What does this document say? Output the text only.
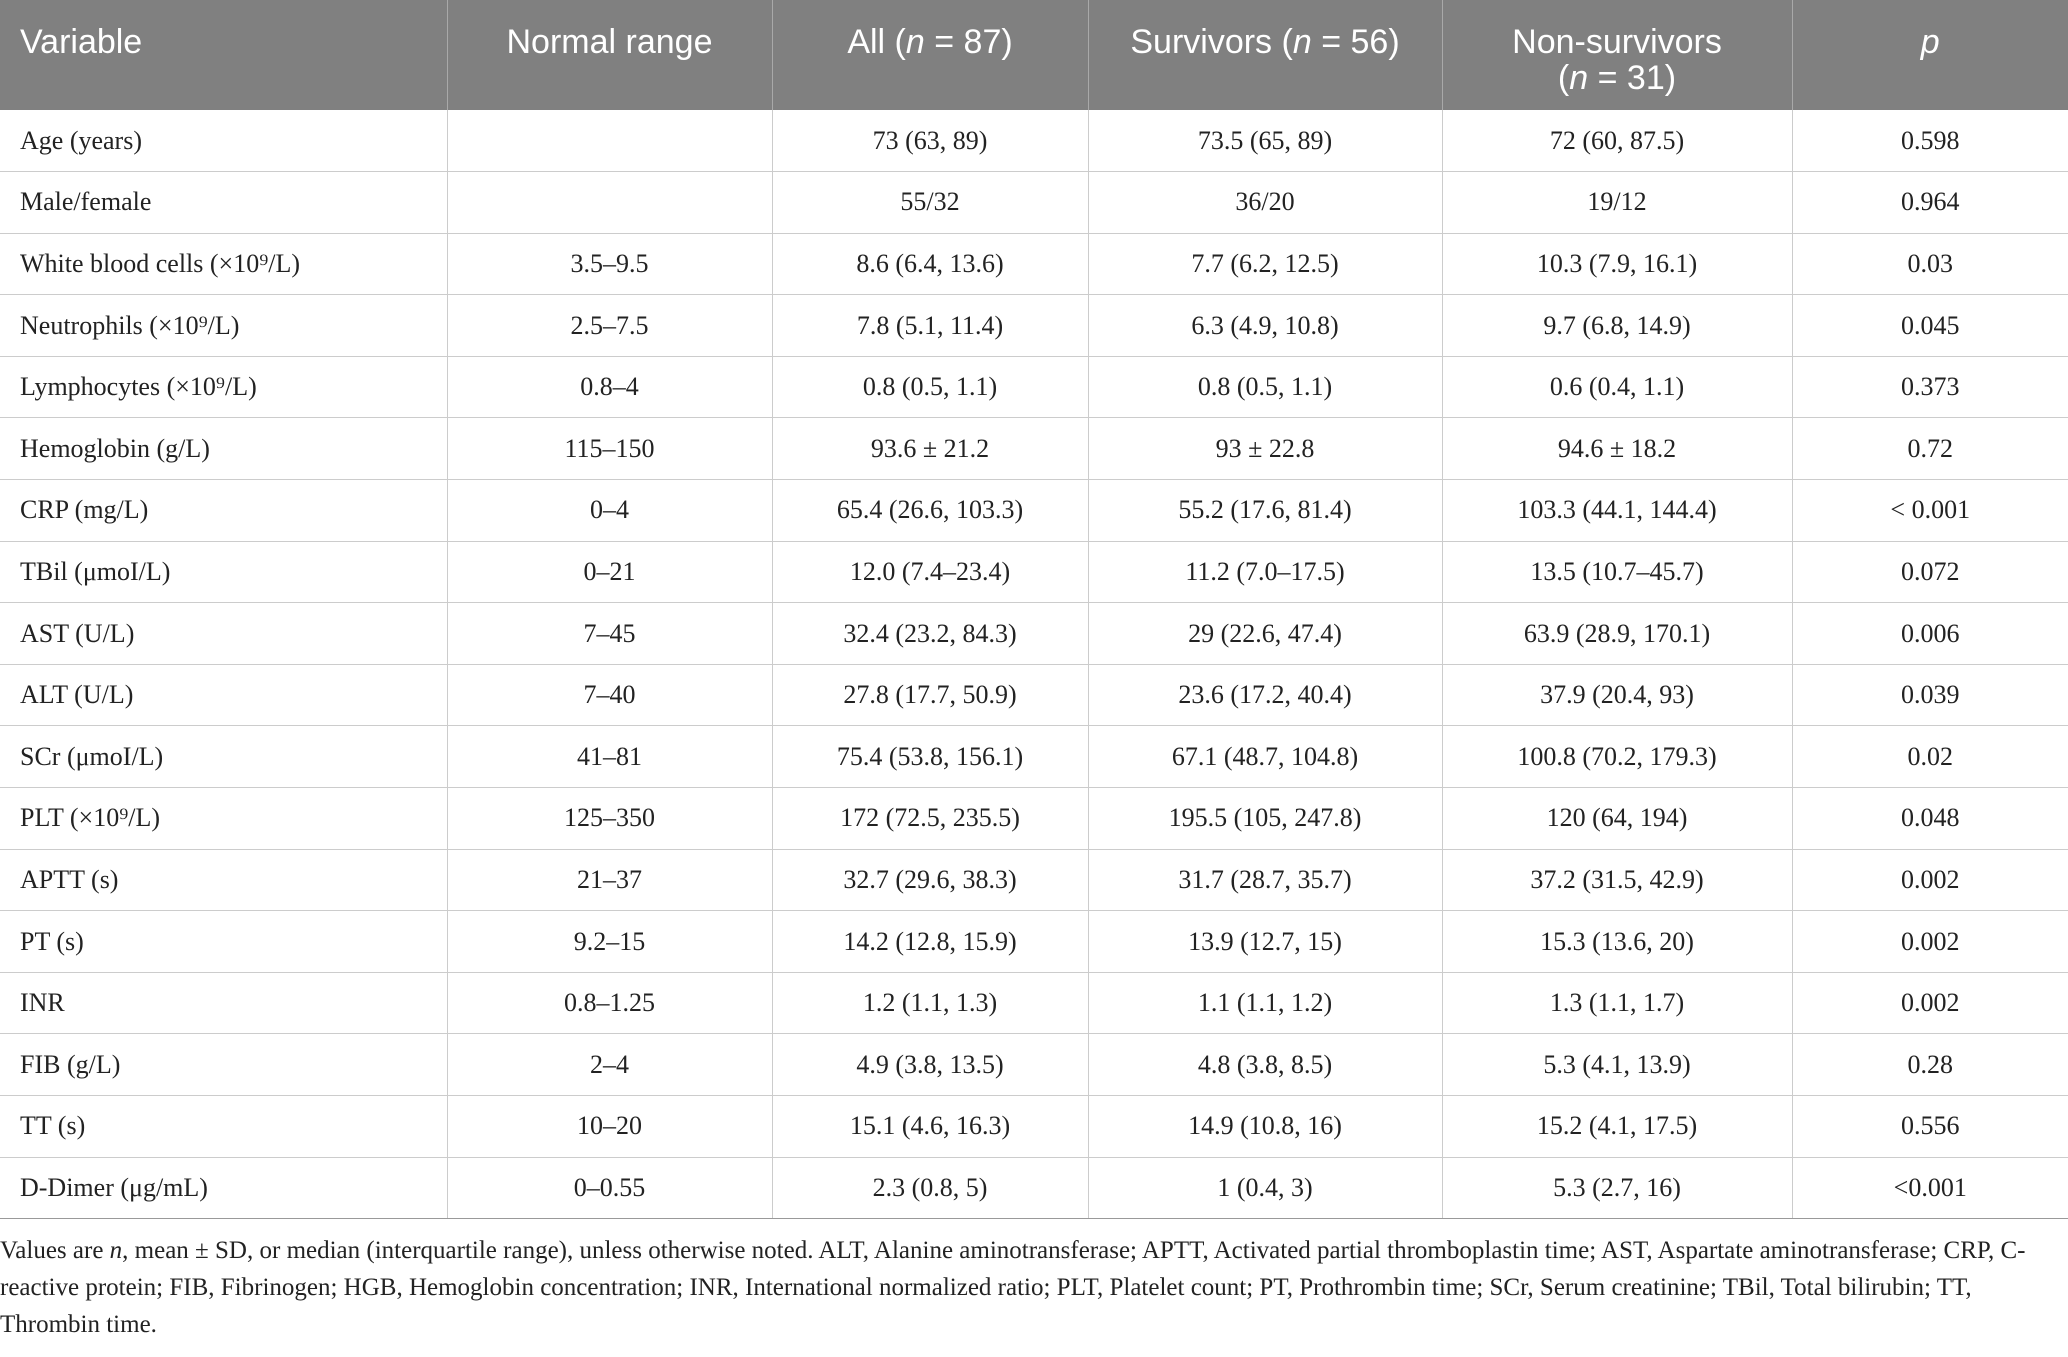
Variable	Normal range	All (n = 87)	Survivors (n = 56)	Non-survivors
(n = 31)	p
Age (years)		73 (63, 89)	73.5 (65, 89)	72 (60, 87.5)	0.598
Male/female		55/32	36/20	19/12	0.964
White blood cells (×10⁹/L)	3.5–9.5	8.6 (6.4, 13.6)	7.7 (6.2, 12.5)	10.3 (7.9, 16.1)	0.03
Neutrophils (×10⁹/L)	2.5–7.5	7.8 (5.1, 11.4)	6.3 (4.9, 10.8)	9.7 (6.8, 14.9)	0.045
Lymphocytes (×10⁹/L)	0.8–4	0.8 (0.5, 1.1)	0.8 (0.5, 1.1)	0.6 (0.4, 1.1)	0.373
Hemoglobin (g/L)	115–150	93.6 ± 21.2	93 ± 22.8	94.6 ± 18.2	0.72
CRP (mg/L)	0–4	65.4 (26.6, 103.3)	55.2 (17.6, 81.4)	103.3 (44.1, 144.4)	< 0.001
TBil (μmoI/L)	0–21	12.0 (7.4–23.4)	11.2 (7.0–17.5)	13.5 (10.7–45.7)	0.072
AST (U/L)	7–45	32.4 (23.2, 84.3)	29 (22.6, 47.4)	63.9 (28.9, 170.1)	0.006
ALT (U/L)	7–40	27.8 (17.7, 50.9)	23.6 (17.2, 40.4)	37.9 (20.4, 93)	0.039
SCr (μmoI/L)	41–81	75.4 (53.8, 156.1)	67.1 (48.7, 104.8)	100.8 (70.2, 179.3)	0.02
PLT (×10⁹/L)	125–350	172 (72.5, 235.5)	195.5 (105, 247.8)	120 (64, 194)	0.048
APTT (s)	21–37	32.7 (29.6, 38.3)	31.7 (28.7, 35.7)	37.2 (31.5, 42.9)	0.002
PT (s)	9.2–15	14.2 (12.8, 15.9)	13.9 (12.7, 15)	15.3 (13.6, 20)	0.002
INR	0.8–1.25	1.2 (1.1, 1.3)	1.1 (1.1, 1.2)	1.3 (1.1, 1.7)	0.002
FIB (g/L)	2–4	4.9 (3.8, 13.5)	4.8 (3.8, 8.5)	5.3 (4.1, 13.9)	0.28
TT (s)	10–20	15.1 (4.6, 16.3)	14.9 (10.8, 16)	15.2 (4.1, 17.5)	0.556
D-Dimer (μg/mL)	0–0.55	2.3 (0.8, 5)	1 (0.4, 3)	5.3 (2.7, 16)	<0.001
Values are n, mean ± SD, or median (interquartile range), unless otherwise noted. ALT, Alanine aminotransferase; APTT, Activated partial thromboplastin time; AST, Aspartate aminotransferase; CRP, C-reactive protein; FIB, Fibrinogen; HGB, Hemoglobin concentration; INR, International normalized ratio; PLT, Platelet count; PT, Prothrombin time; SCr, Serum creatinine; TBil, Total bilirubin; TT, Thrombin time.
